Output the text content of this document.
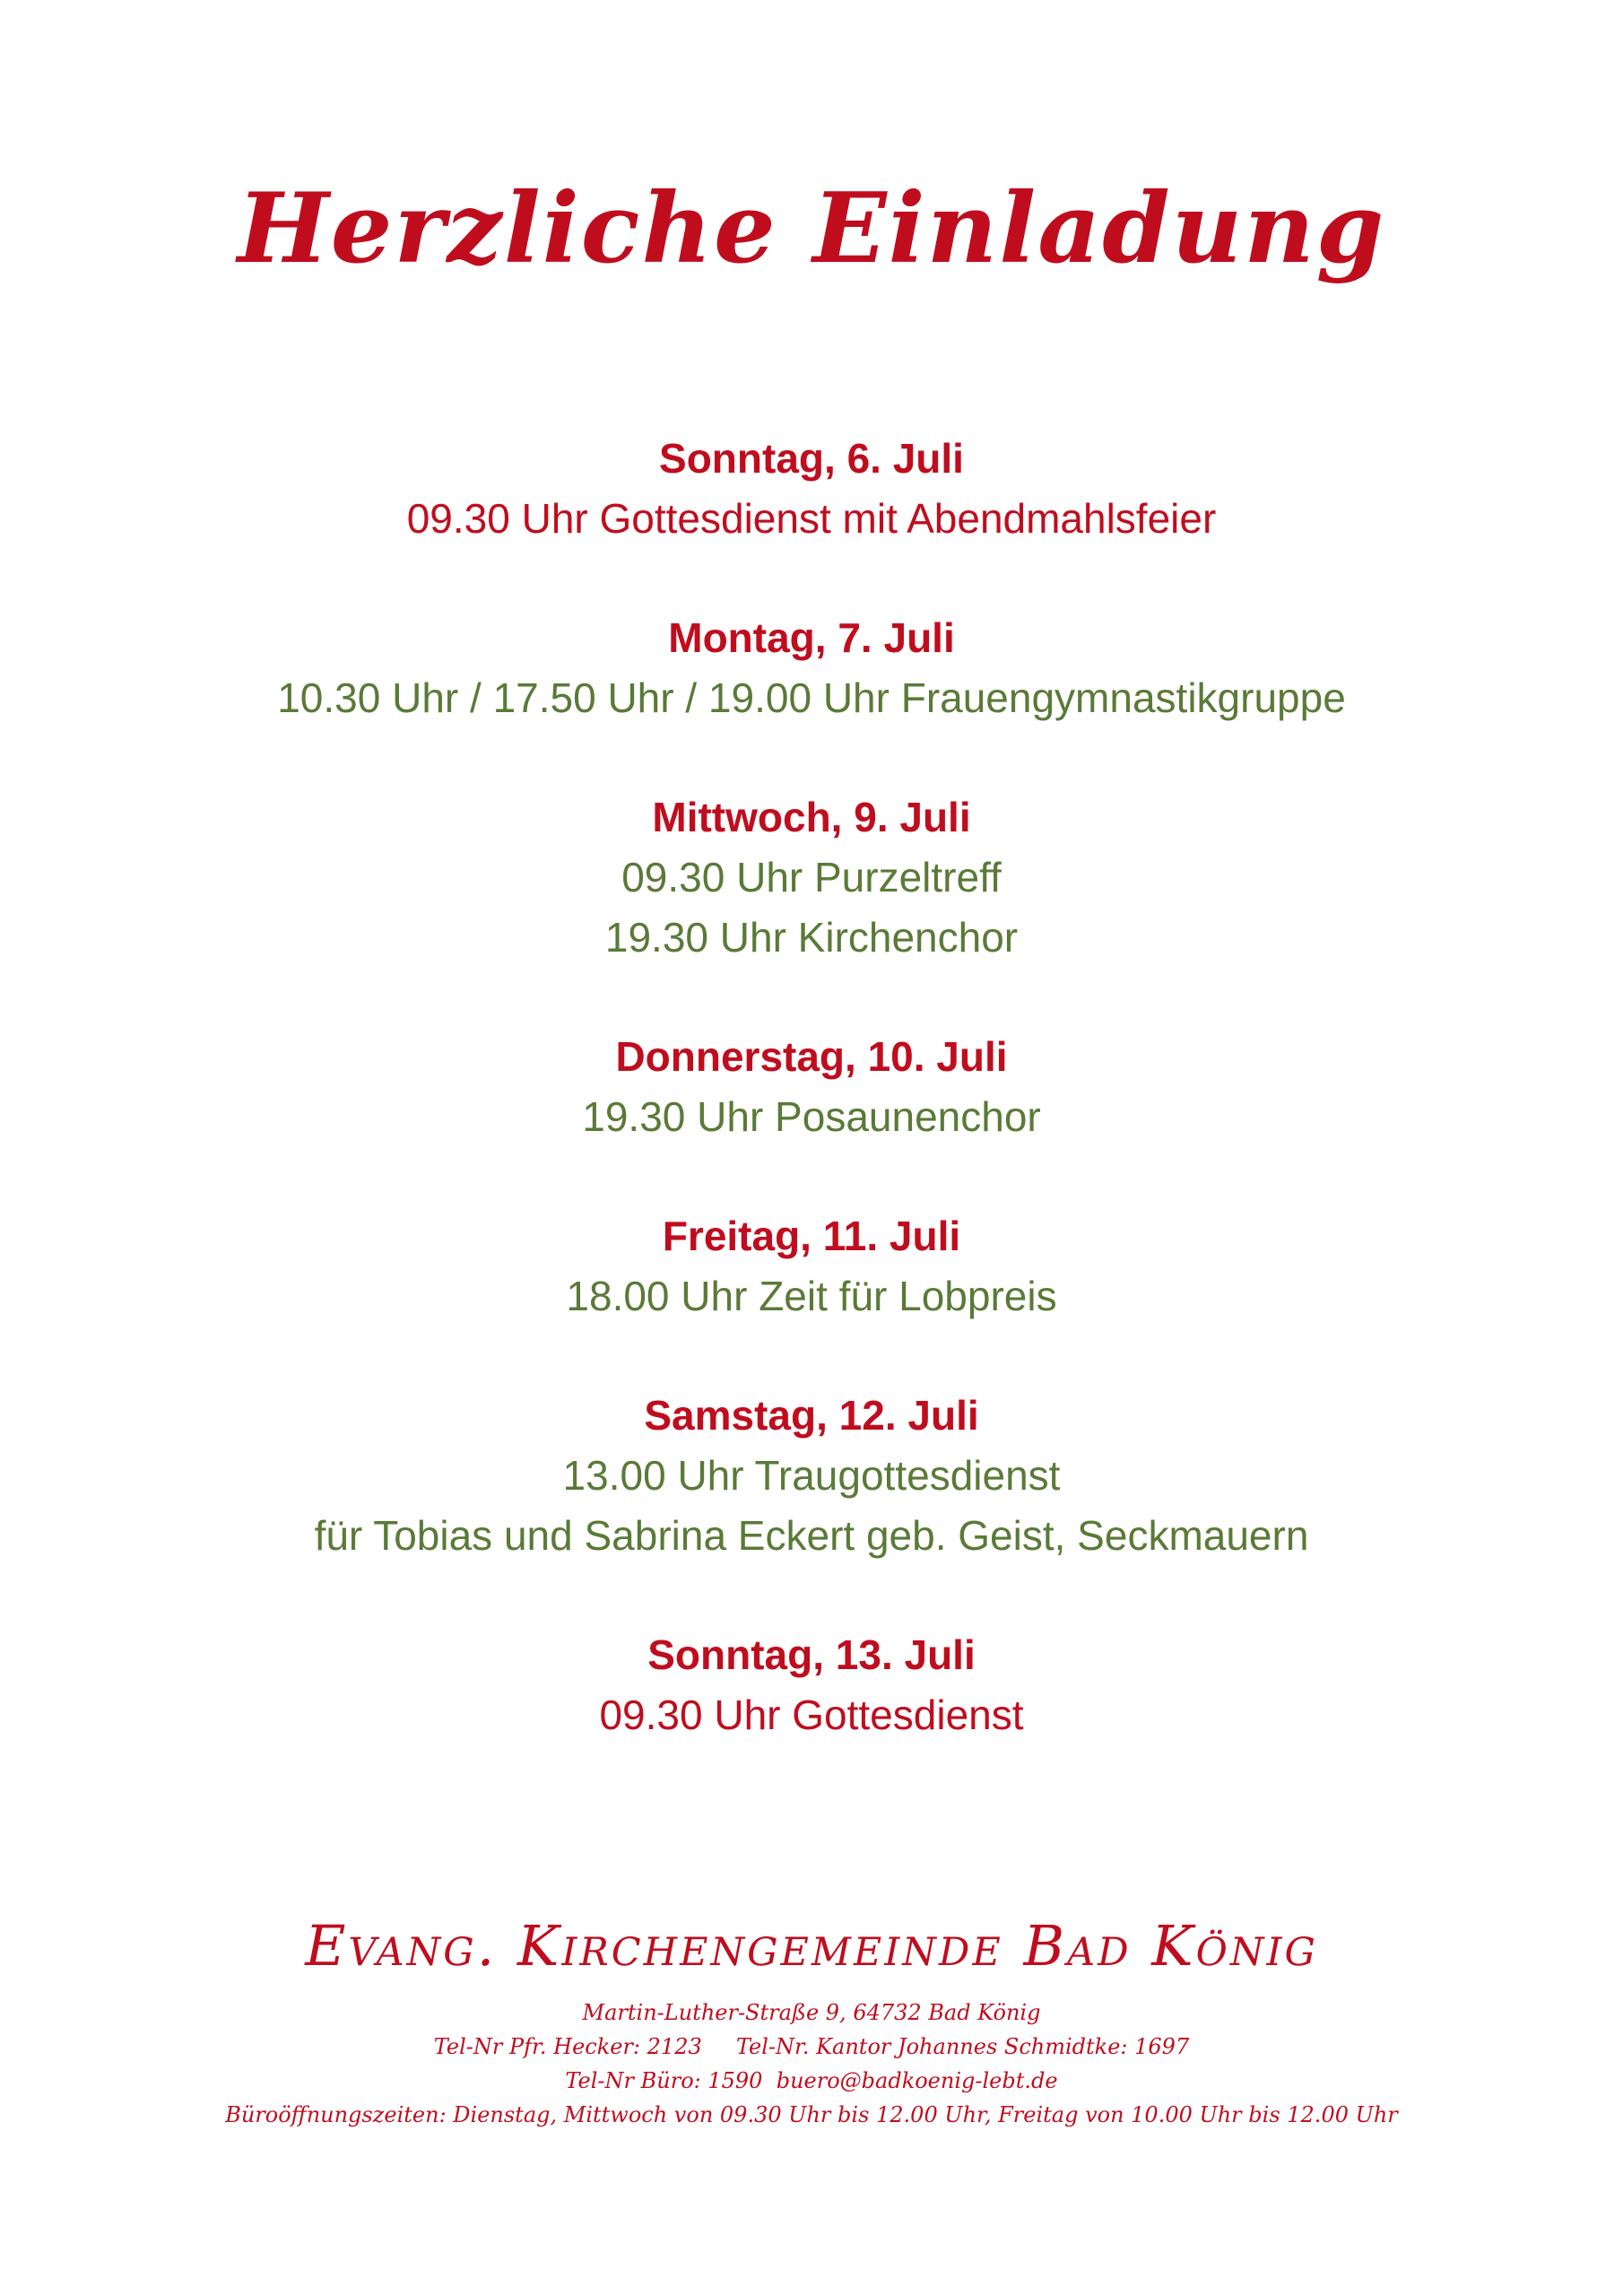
Herzliche Einladung
Sonntag, 6. Juli
09.30 Uhr Gottesdienst mit Abendmahlsfeier
Montag, 7. Juli
10.30 Uhr / 17.50 Uhr / 19.00 Uhr Frauengymnastikgruppe
Mittwoch, 9. Juli
09.30 Uhr Purzeltreff
19.30 Uhr Kirchenchor
Donnerstag, 10. Juli
19.30 Uhr Posaunenchor
Freitag, 11. Juli
18.00 Uhr Zeit für Lobpreis
Samstag, 12. Juli
13.00 Uhr Traugottesdienst
für Tobias und Sabrina Eckert geb. Geist, Seckmauern
Sonntag, 13. Juli
09.30 Uhr Gottesdienst
Evang. Kirchengemeinde Bad König
Martin-Luther-Straße 9, 64732 Bad König
Tel-Nr Pfr. Hecker: 2123     Tel-Nr. Kantor Johannes Schmidtke: 1697
Tel-Nr Büro: 1590  buero@badkoenig-lebt.de
Büroöffnungszeiten: Dienstag, Mittwoch von 09.30 Uhr bis 12.00 Uhr, Freitag von 10.00 Uhr bis 12.00 Uhr
